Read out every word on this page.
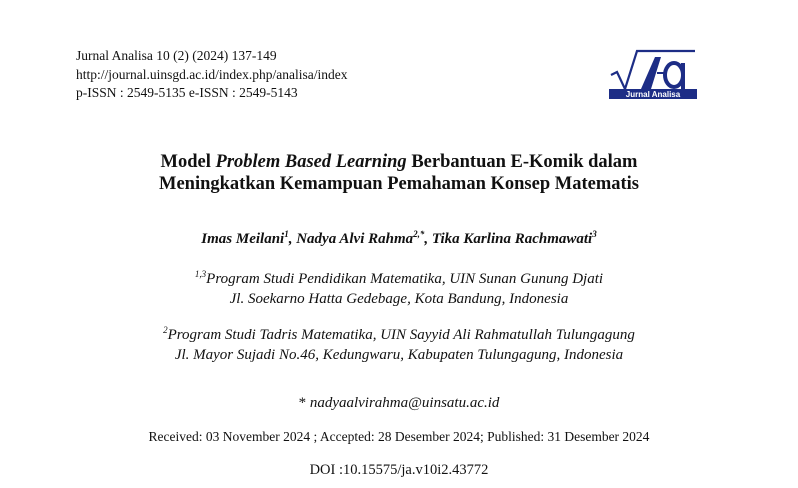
Jurnal Analisa 10 (2) (2024) 137-149
http://journal.uinsgd.ac.id/index.php/analisa/index
p-ISSN : 2549-5135 e-ISSN : 2549-5143	Jurnal Analisa
Model Problem Based Learning Berbantuan E-Komik dalam
Meningkatkan Kemampuan Pemahaman Konsep Matematis
Imas Meilani$^1$, Nadya Alvi Rahma$^{2,*}$, Tika Karlina Rachmawati$^3$
$^{1,3}$Program Studi Pendidikan Matematika, UIN Sunan Gunung Djati
Jl. Soekarno Hatta Gedebage, Kota Bandung, Indonesia
$^2$Program Studi Tadris Matematika, UIN Sayyid Ali Rahmatullah Tulungagung
Jl. Mayor Sujadi No.46, Kedungwaru, Kabupaten Tulungagung, Indonesia
* nadyaalvirahma@uinsatu.ac.id
Received: 03 November 2024 ; Accepted: 28 Desember 2024; Published: 31 Desember 2024
DOI :10.15575/ja.v10i2.43772
